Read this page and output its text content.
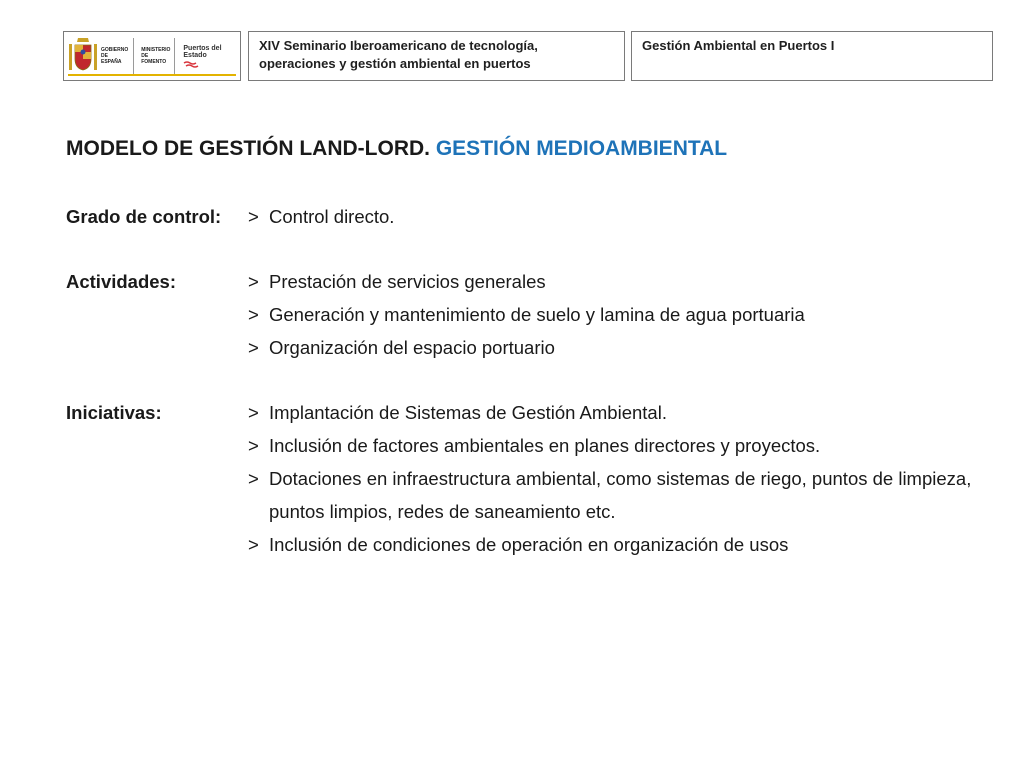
GOBIERNO DE ESPAÑA
MINISTERIO DE FOMENTO
Puertos del Estado
XIV Seminario Iberoamericano de tecnología, operaciones y gestión ambiental en puertos
Gestión Ambiental en Puertos I
MODELO DE GESTIÓN LAND-LORD. GESTIÓN MEDIOAMBIENTAL
Grado de control:	> Control directo.
Actividades:	> Prestación de servicios generales
> Generación y mantenimiento de suelo y lamina de agua portuaria
> Organización del espacio portuario
Iniciativas:	> Implantación de Sistemas de Gestión Ambiental.
> Inclusión de factores ambientales en planes directores y proyectos.
> Dotaciones en infraestructura ambiental, como sistemas de riego, puntos de limpieza, puntos limpios, redes de saneamiento etc.
> Inclusión de condiciones de operación en organización de usos
